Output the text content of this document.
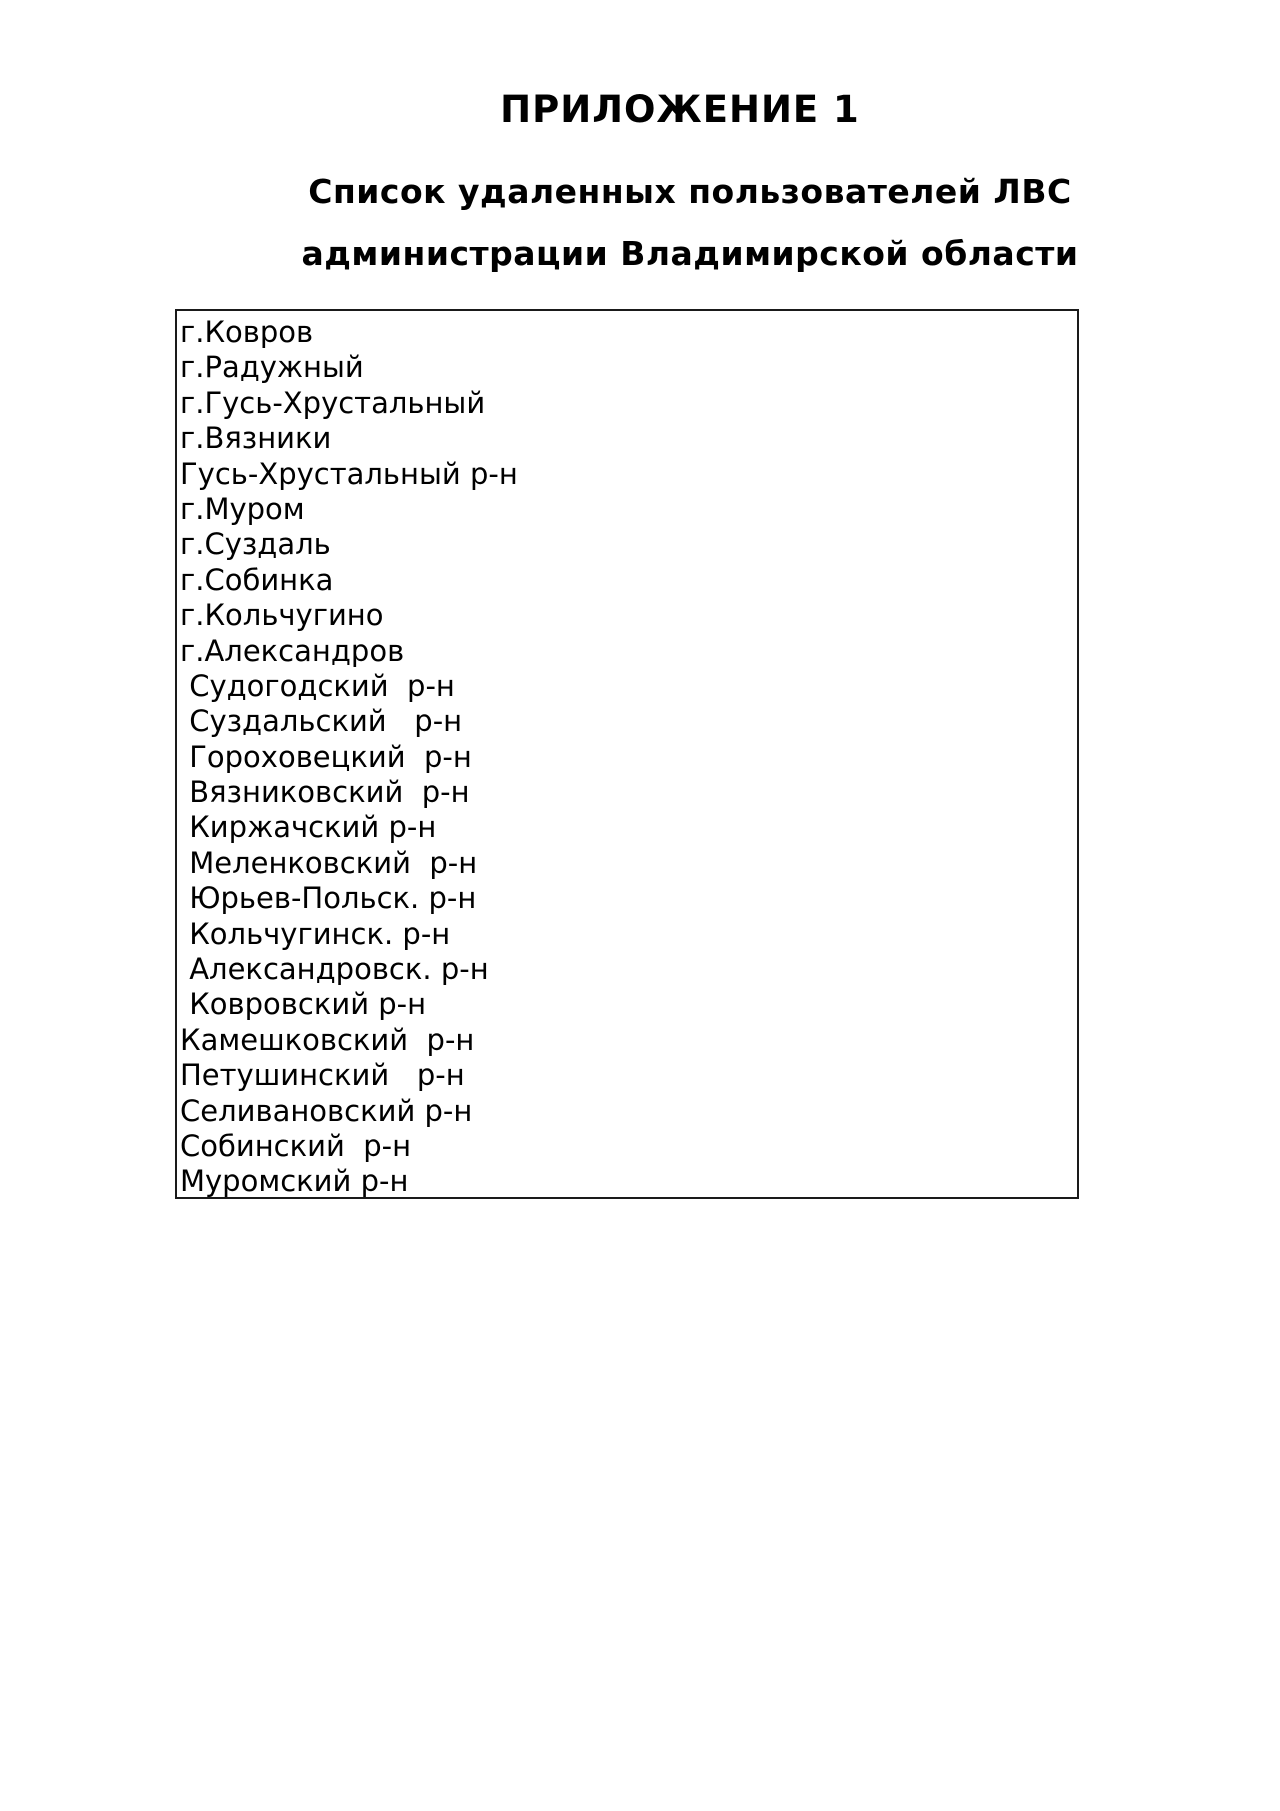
ПРИЛОЖЕНИЕ 1
Список удаленных пользователей ЛВС
администрации Владимирской области
г.Ковров
г.Радужный
г.Гусь-Хрустальный
г.Вязники
Гусь-Хрустальный р-н
г.Муром
г.Суздаль
г.Собинка
г.Кольчугино
г.Александров
Судогодский  р-н
Суздальский   р-н
Гороховецкий  р-н
Вязниковский  р-н
Киржачский р-н
Меленковский  р-н
Юрьев-Польск. р-н
Кольчугинск. р-н
Александровск. р-н
Ковровский р-н
Камешковский  р-н
Петушинский   р-н
Селивановский р-н
Собинский  р-н
Муромский р-н
